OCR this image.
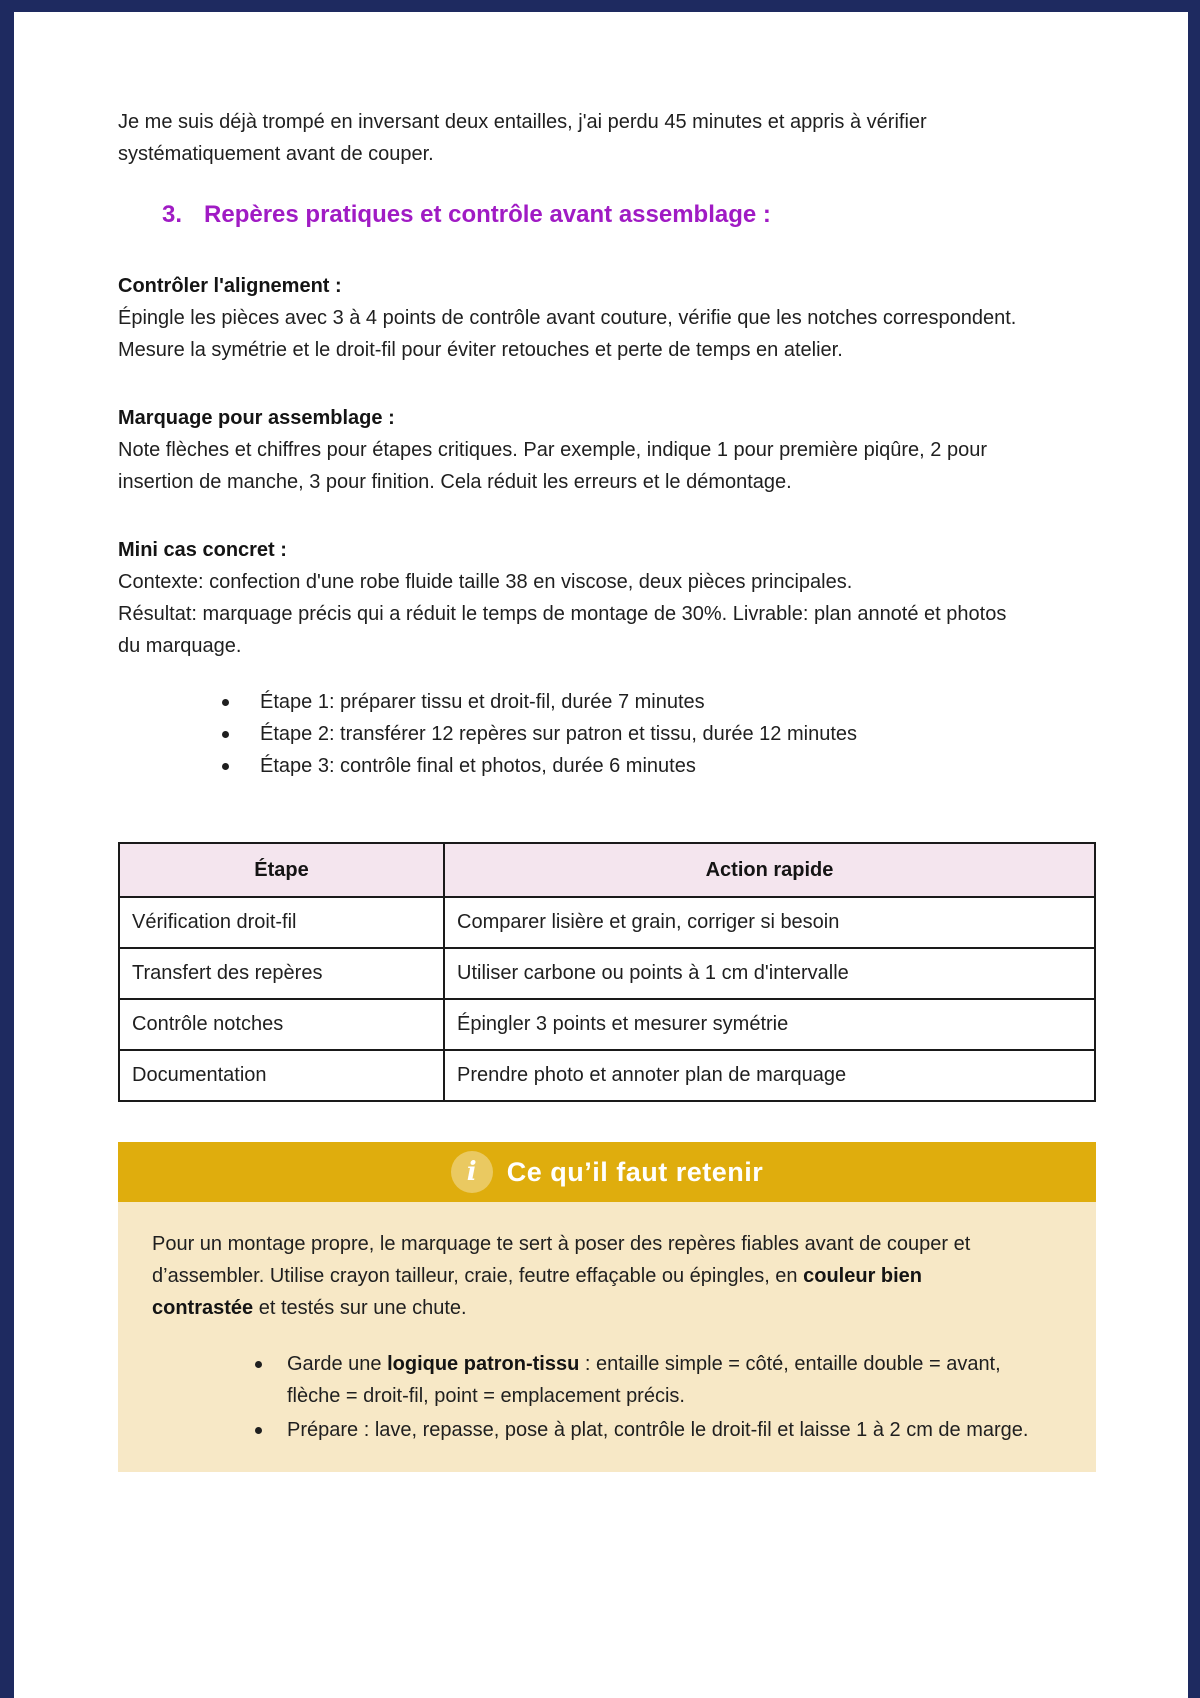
Je me suis déjà trompé en inversant deux entailles, j'ai perdu 45 minutes et appris à vérifier systématiquement avant de couper.

3. Repères pratiques et contrôle avant assemblage :

Contrôler l'alignement :

Épingle les pièces avec 3 à 4 points de contrôle avant couture, vérifie que les notches correspondent. Mesure la symétrie et le droit-fil pour éviter retouches et perte de temps en atelier.

Marquage pour assemblage :

Note flèches et chiffres pour étapes critiques. Par exemple, indique 1 pour première piqûre, 2 pour insertion de manche, 3 pour finition. Cela réduit les erreurs et le démontage.

Mini cas concret :

Contexte: confection d'une robe fluide taille 38 en viscose, deux pièces principales.
Résultat: marquage précis qui a réduit le temps de montage de 30%. Livrable: plan annoté et photos du marquage.

Étape 1: préparer tissu et droit-fil, durée 7 minutes
Étape 2: transférer 12 repères sur patron et tissu, durée 12 minutes
Étape 3: contrôle final et photos, durée 6 minutes
Étape	Action rapide
Vérification droit-fil	Comparer lisière et grain, corriger si besoin
Transfert des repères	Utiliser carbone ou points à 1 cm d'intervalle
Contrôle notches	Épingler 3 points et mesurer symétrie
Documentation	Prendre photo et annoter plan de marquage
i	Ce qu’il faut retenir

Pour un montage propre, le marquage te sert à poser des repères fiables avant de couper et d’assembler. Utilise crayon tailleur, craie, feutre effaçable ou épingles, en couleur bien contrastée et testés sur une chute.

Garde une logique patron-tissu : entaille simple = côté, entaille double = avant, flèche = droit-fil, point = emplacement précis.
Prépare : lave, repasse, pose à plat, contrôle le droit-fil et laisse 1 à 2 cm de marge.
